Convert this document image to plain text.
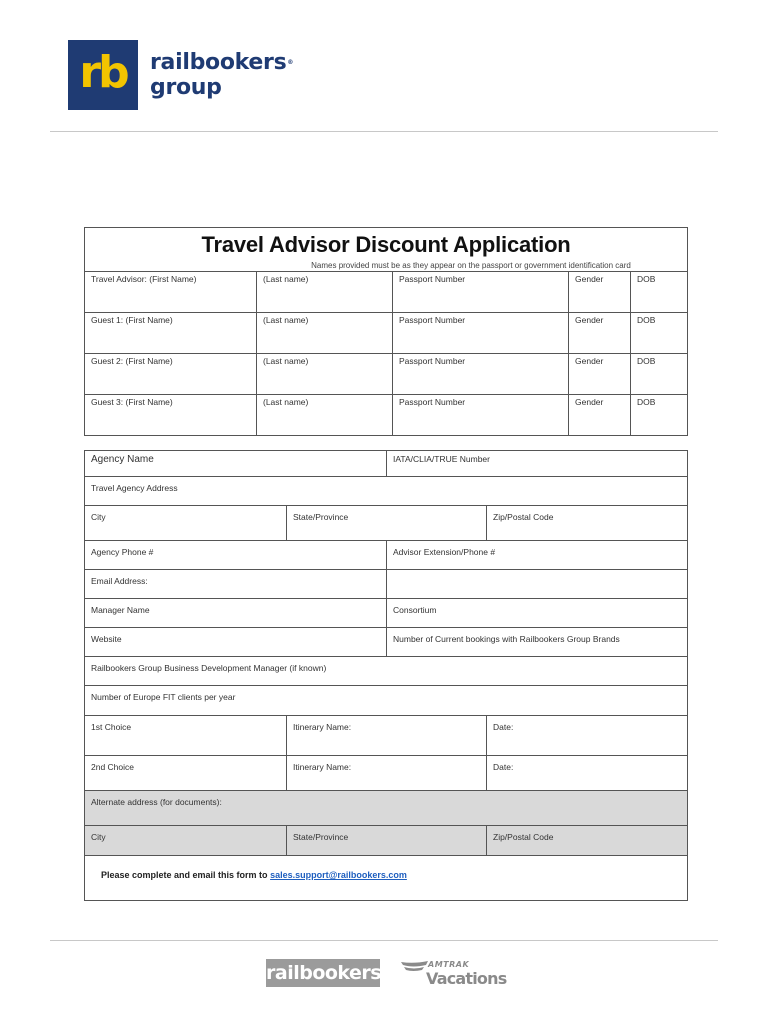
rb railbookers®
group
Travel Advisor Discount Application
Names provided must be as they appear on the passport or government identification card
Travel Advisor: (First Name)	(Last name)	Passport Number	Gender	DOB
Guest 1: (First Name)	(Last name)	Passport Number	Gender	DOB
Guest 2: (First Name)	(Last name)	Passport Number	Gender	DOB
Guest 3: (First Name)	(Last name)	Passport Number	Gender	DOB
Agency Name	IATA/CLIA/TRUE Number
Travel Agency Address
City	State/Province	Zip/Postal Code
Agency Phone #	Advisor Extension/Phone #
Email Address:
Manager Name	Consortium
Website	Number of Current bookings with Railbookers Group Brands
Railbookers Group Business Development Manager (if known)
Number of Europe FIT clients per year
1st Choice	Itinerary Name:	Date:
2nd Choice	Itinerary Name:	Date:
Alternate address (for documents):
City	State/Province	Zip/Postal Code
Please complete and email this form to sales.support@railbookers.com
railbookers	AMTRAK
Vacations
